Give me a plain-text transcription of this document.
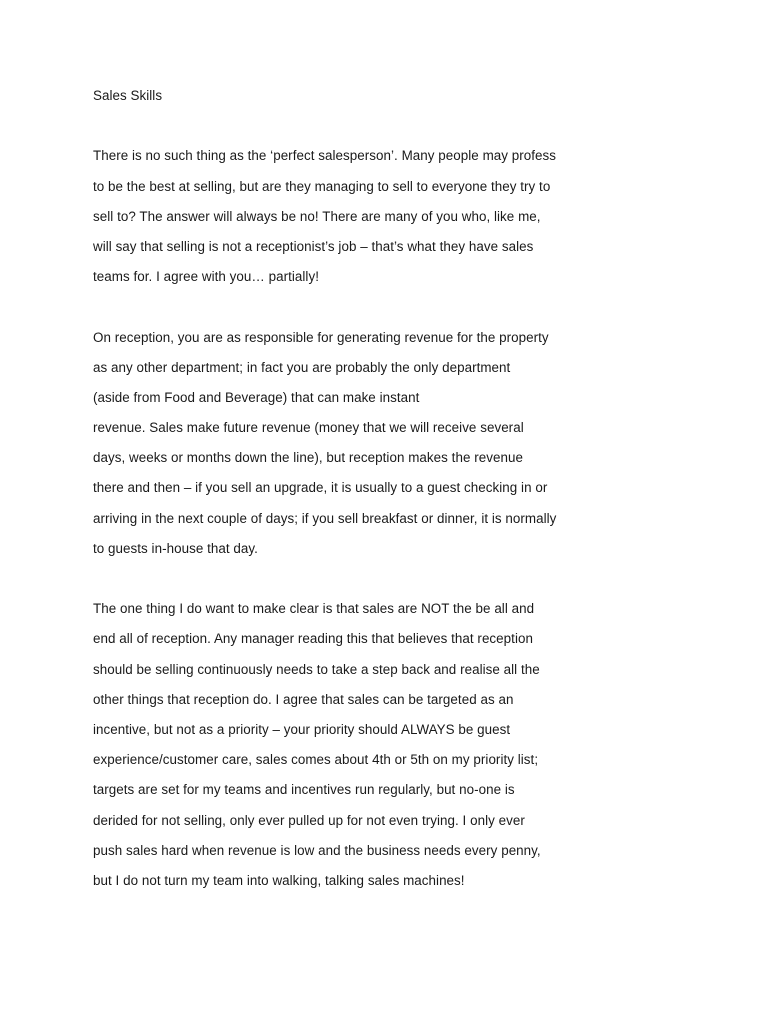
Sales Skills
There is no such thing as the ‘perfect salesperson’. Many people may profess
to be the best at selling, but are they managing to sell to everyone they try to
sell to? The answer will always be no! There are many of you who, like me,
will say that selling is not a receptionist’s job – that’s what they have sales
teams for. I agree with you… partially!
On reception, you are as responsible for generating revenue for the property
as any other department; in fact you are probably the only department
(aside from Food and Beverage) that can make instant
revenue. Sales make future revenue (money that we will receive several
days, weeks or months down the line), but reception makes the revenue
there and then – if you sell an upgrade, it is usually to a guest checking in or
arriving in the next couple of days; if you sell breakfast or dinner, it is normally
to guests in-house that day.
The one thing I do want to make clear is that sales are NOT the be all and
end all of reception. Any manager reading this that believes that reception
should be selling continuously needs to take a step back and realise all the
other things that reception do. I agree that sales can be targeted as an
incentive, but not as a priority – your priority should ALWAYS be guest
experience/customer care, sales comes about 4th or 5th on my priority list;
targets are set for my teams and incentives run regularly, but no-one is
derided for not selling, only ever pulled up for not even trying. I only ever
push sales hard when revenue is low and the business needs every penny,
but I do not turn my team into walking, talking sales machines!
